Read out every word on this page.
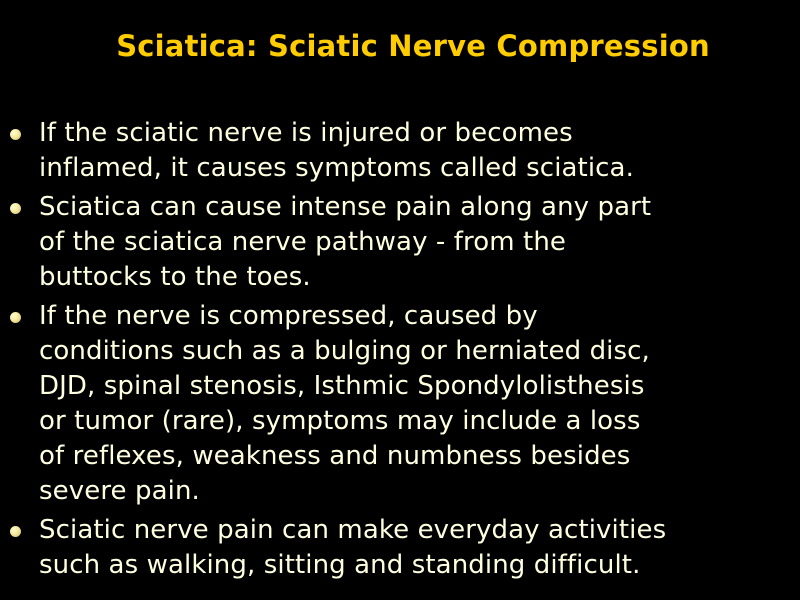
Sciatica: Sciatic Nerve Compression
If the sciatic nerve is injured or becomes
inflamed, it causes symptoms called sciatica.
Sciatica can cause intense pain along any part
of the sciatica nerve pathway - from the
buttocks to the toes.
If the nerve is compressed, caused by
conditions such as a bulging or herniated disc,
DJD, spinal stenosis, Isthmic Spondylolisthesis
or tumor (rare), symptoms may include a loss
of reflexes, weakness and numbness besides
severe pain.
Sciatic nerve pain can make everyday activities
such as walking, sitting and standing difficult.
